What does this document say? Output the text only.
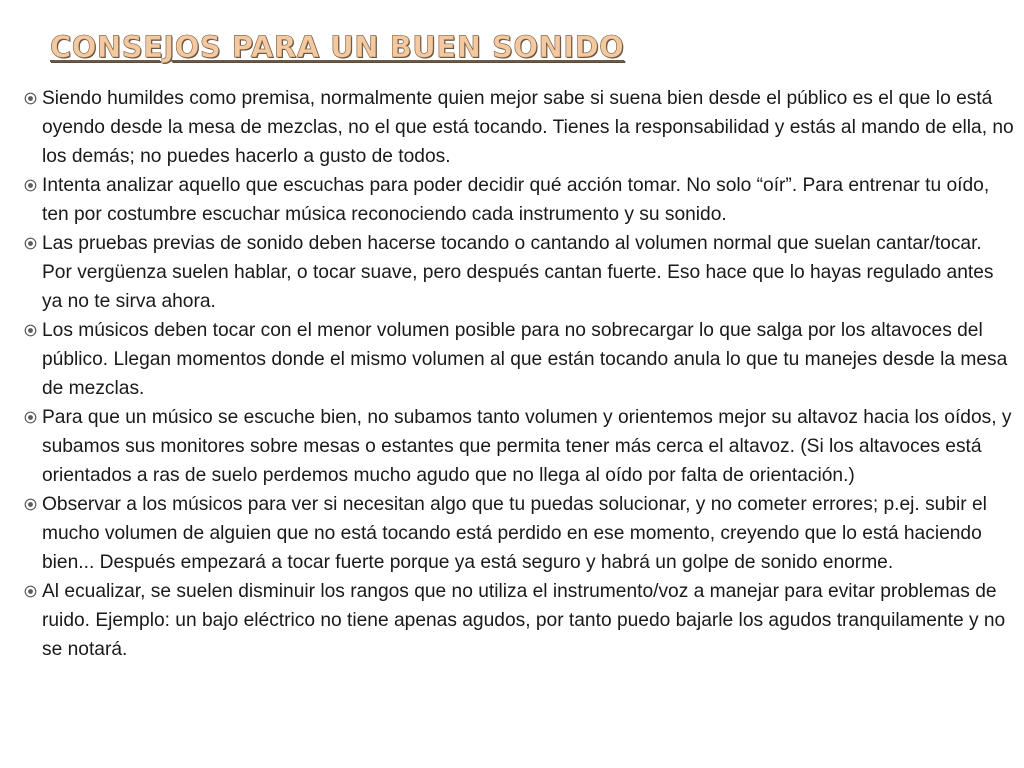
CONSEJOS PARA UN BUEN SONIDO
Siendo humildes como premisa, normalmente quien mejor sabe si suena bien desde el público es el que lo está oyendo desde la mesa de mezclas, no el que está tocando. Tienes la responsabilidad y estás al mando de ella, no los demás; no puedes hacerlo a gusto de todos.
Intenta analizar aquello que escuchas para poder decidir qué acción tomar. No solo “oír”. Para entrenar tu oído, ten por costumbre escuchar música reconociendo cada instrumento y su sonido.
Las pruebas previas de sonido deben hacerse tocando o cantando al volumen normal que suelan cantar/tocar. Por vergüenza suelen hablar, o tocar suave, pero después cantan fuerte. Eso hace que lo hayas regulado antes ya no te sirva ahora.
Los músicos deben tocar con el menor volumen posible para no sobrecargar lo que salga por los altavoces del público. Llegan momentos donde el mismo volumen al que están tocando anula lo que tu manejes desde la mesa de mezclas.
Para que un músico se escuche bien, no subamos tanto volumen y orientemos mejor su altavoz hacia los oídos, y subamos sus monitores sobre mesas o estantes que permita tener más cerca el altavoz. (Si los altavoces está orientados a ras de suelo perdemos mucho agudo que no llega al oído por falta de orientación.)
Observar a los músicos para ver si necesitan algo que tu puedas solucionar, y no cometer errores; p.ej. subir el mucho volumen de alguien que no está tocando está perdido en ese momento, creyendo que lo está haciendo bien... Después empezará a tocar fuerte porque ya está seguro y habrá un golpe de sonido enorme.
Al ecualizar, se suelen disminuir los rangos que no utiliza el instrumento/voz a manejar para evitar problemas de ruido. Ejemplo: un bajo eléctrico no tiene apenas agudos, por tanto puedo bajarle los agudos tranquilamente y no se notará.
